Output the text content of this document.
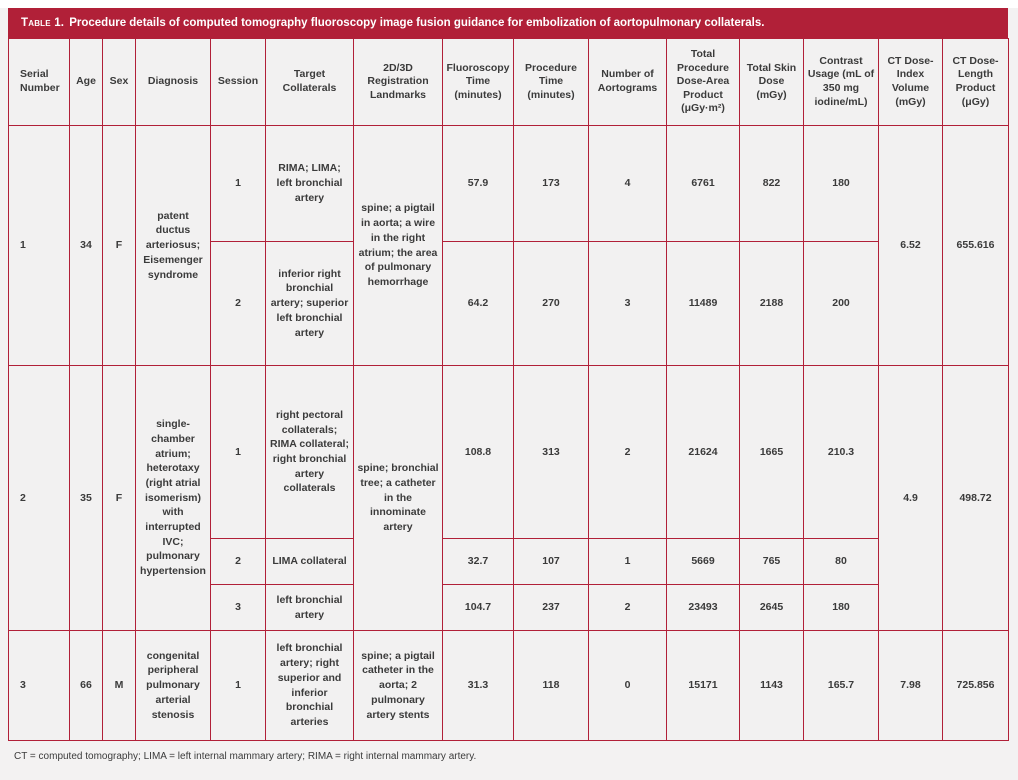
Table 1. Procedure details of computed tomography fluoroscopy image fusion guidance for embolization of aortopulmonary collaterals.
Serial Number	Age	Sex	Diagnosis	Session	Target Collaterals	2D/3D Registration Landmarks	Fluoroscopy Time (minutes)	Procedure Time (minutes)	Number of Aortograms	Total Procedure Dose-Area Product (μGy·m²)	Total Skin Dose (mGy)	Contrast Usage (mL of 350 mg iodine/mL)	CT Dose-Index Volume (mGy)	CT Dose-Length Product (μGy)
1	34	F	patent ductus arteriosus; Eisemenger syndrome	1	RIMA; LIMA; left bronchial artery	spine; a pigtail in aorta; a wire in the right atrium; the area of pulmonary hemorrhage	57.9	173	4	6761	822	180	6.52	655.616
				2	inferior right bronchial artery; superior left bronchial artery		64.2	270	3	11489	2188	200		
2	35	F	single-chamber atrium; heterotaxy (right atrial isomerism) with interrupted IVC; pulmonary hypertension	1	right pectoral collaterals; RIMA collateral; right bronchial artery collaterals	spine; bronchial tree; a catheter in the innominate artery	108.8	313	2	21624	1665	210.3	4.9	498.72
				2	LIMA collateral		32.7	107	1	5669	765	80		
				3	left bronchial artery		104.7	237	2	23493	2645	180		
3	66	M	congenital peripheral pulmonary arterial stenosis	1	left bronchial artery; right superior and inferior bronchial arteries	spine; a pigtail catheter in the aorta; 2 pulmonary artery stents	31.3	118	0	15171	1143	165.7	7.98	725.856
CT = computed tomography; LIMA = left internal mammary artery; RIMA = right internal mammary artery.
